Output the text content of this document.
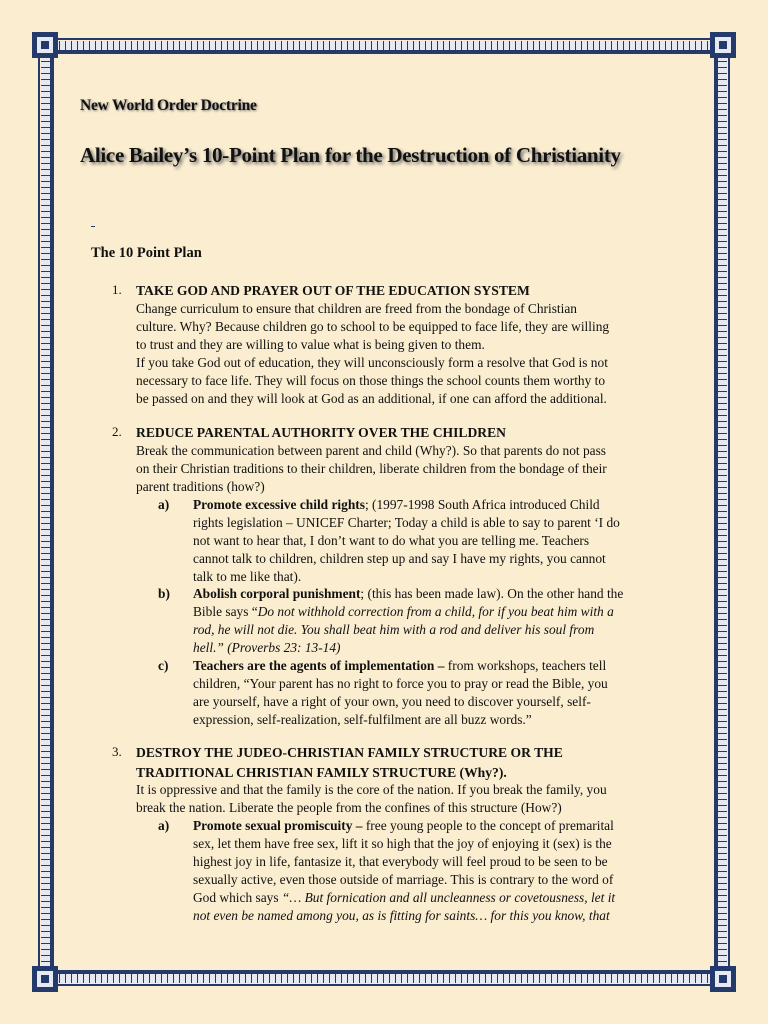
New World Order Doctrine
Alice Bailey’s 10-Point Plan for the Destruction of Christianity
The 10 Point Plan
1. TAKE GOD AND PRAYER OUT OF THE EDUCATION SYSTEM
Change curriculum to ensure that children are freed from the bondage of Christian
culture. Why? Because children go to school to be equipped to face life, they are willing
to trust and they are willing to value what is being given to them.
If you take God out of education, they will unconsciously form a resolve that God is not
necessary to face life. They will focus on those things the school counts them worthy to
be passed on and they will look at God as an additional, if one can afford the additional.
2. REDUCE PARENTAL AUTHORITY OVER THE CHILDREN
Break the communication between parent and child (Why?). So that parents do not pass
on their Christian traditions to their children, liberate children from the bondage of their
parent traditions (how?)
a) Promote excessive child rights; (1997-1998 South Africa introduced Child
rights legislation – UNICEF Charter; Today a child is able to say to parent ‘I do
not want to hear that, I don’t want to do what you are telling me. Teachers
cannot talk to children, children step up and say I have my rights, you cannot
talk to me like that).
b) Abolish corporal punishment; (this has been made law). On the other hand the
Bible says “Do not withhold correction from a child, for if you beat him with a
rod, he will not die. You shall beat him with a rod and deliver his soul from
hell.” (Proverbs 23: 13-14)
c) Teachers are the agents of implementation – from workshops, teachers tell
children, “Your parent has no right to force you to pray or read the Bible, you
are yourself, have a right of your own, you need to discover yourself, self-
expression, self-realization, self-fulfilment are all buzz words.”
3. DESTROY THE JUDEO-CHRISTIAN FAMILY STRUCTURE OR THE
TRADITIONAL CHRISTIAN FAMILY STRUCTURE (Why?).
It is oppressive and that the family is the core of the nation. If you break the family, you
break the nation. Liberate the people from the confines of this structure (How?)
a) Promote sexual promiscuity – free young people to the concept of premarital
sex, let them have free sex, lift it so high that the joy of enjoying it (sex) is the
highest joy in life, fantasize it, that everybody will feel proud to be seen to be
sexually active, even those outside of marriage. This is contrary to the word of
God which says “… But fornication and all uncleanness or covetousness, let it
not even be named among you, as is fitting for saints… for this you know, that
